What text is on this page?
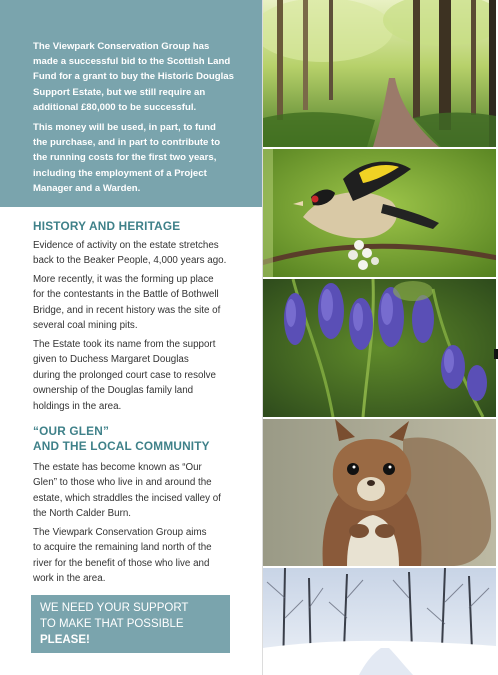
The Viewpark Conservation Group has
made a successful bid to the Scottish Land
Fund for a grant to buy the Historic Douglas
Support Estate, but we still require an
additional £80,000 to be successful.

This money will be used, in part, to fund
the purchase, and in part to contribute to
the running costs for the first two years,
including the employment of a Project
Manager and a Warden.

HISTORY AND HERITAGE

Evidence of activity on the estate stretches
back to the Beaker People, 4,000 years ago.

More recently, it was the forming up place
for the contestants in the Battle of Bothwell
Bridge, and in recent history was the site of
several coal mining pits.

The Estate took its name from the support
given to Duchess Margaret Douglas
during the prolonged court case to resolve
ownership of the Douglas family land
holdings in the area.

“OUR GLEN”
AND THE LOCAL COMMUNITY

The estate has become known as “Our
Glen” to those who live in and around the
estate, which straddles the incised valley of
the North Calder Burn.

The Viewpark Conservation Group aims
to acquire the remaining land north of the
river for the benefit of those who live and
work in the area.

WE NEED YOUR SUPPORT
TO MAKE THAT POSSIBLE
PLEASE!
